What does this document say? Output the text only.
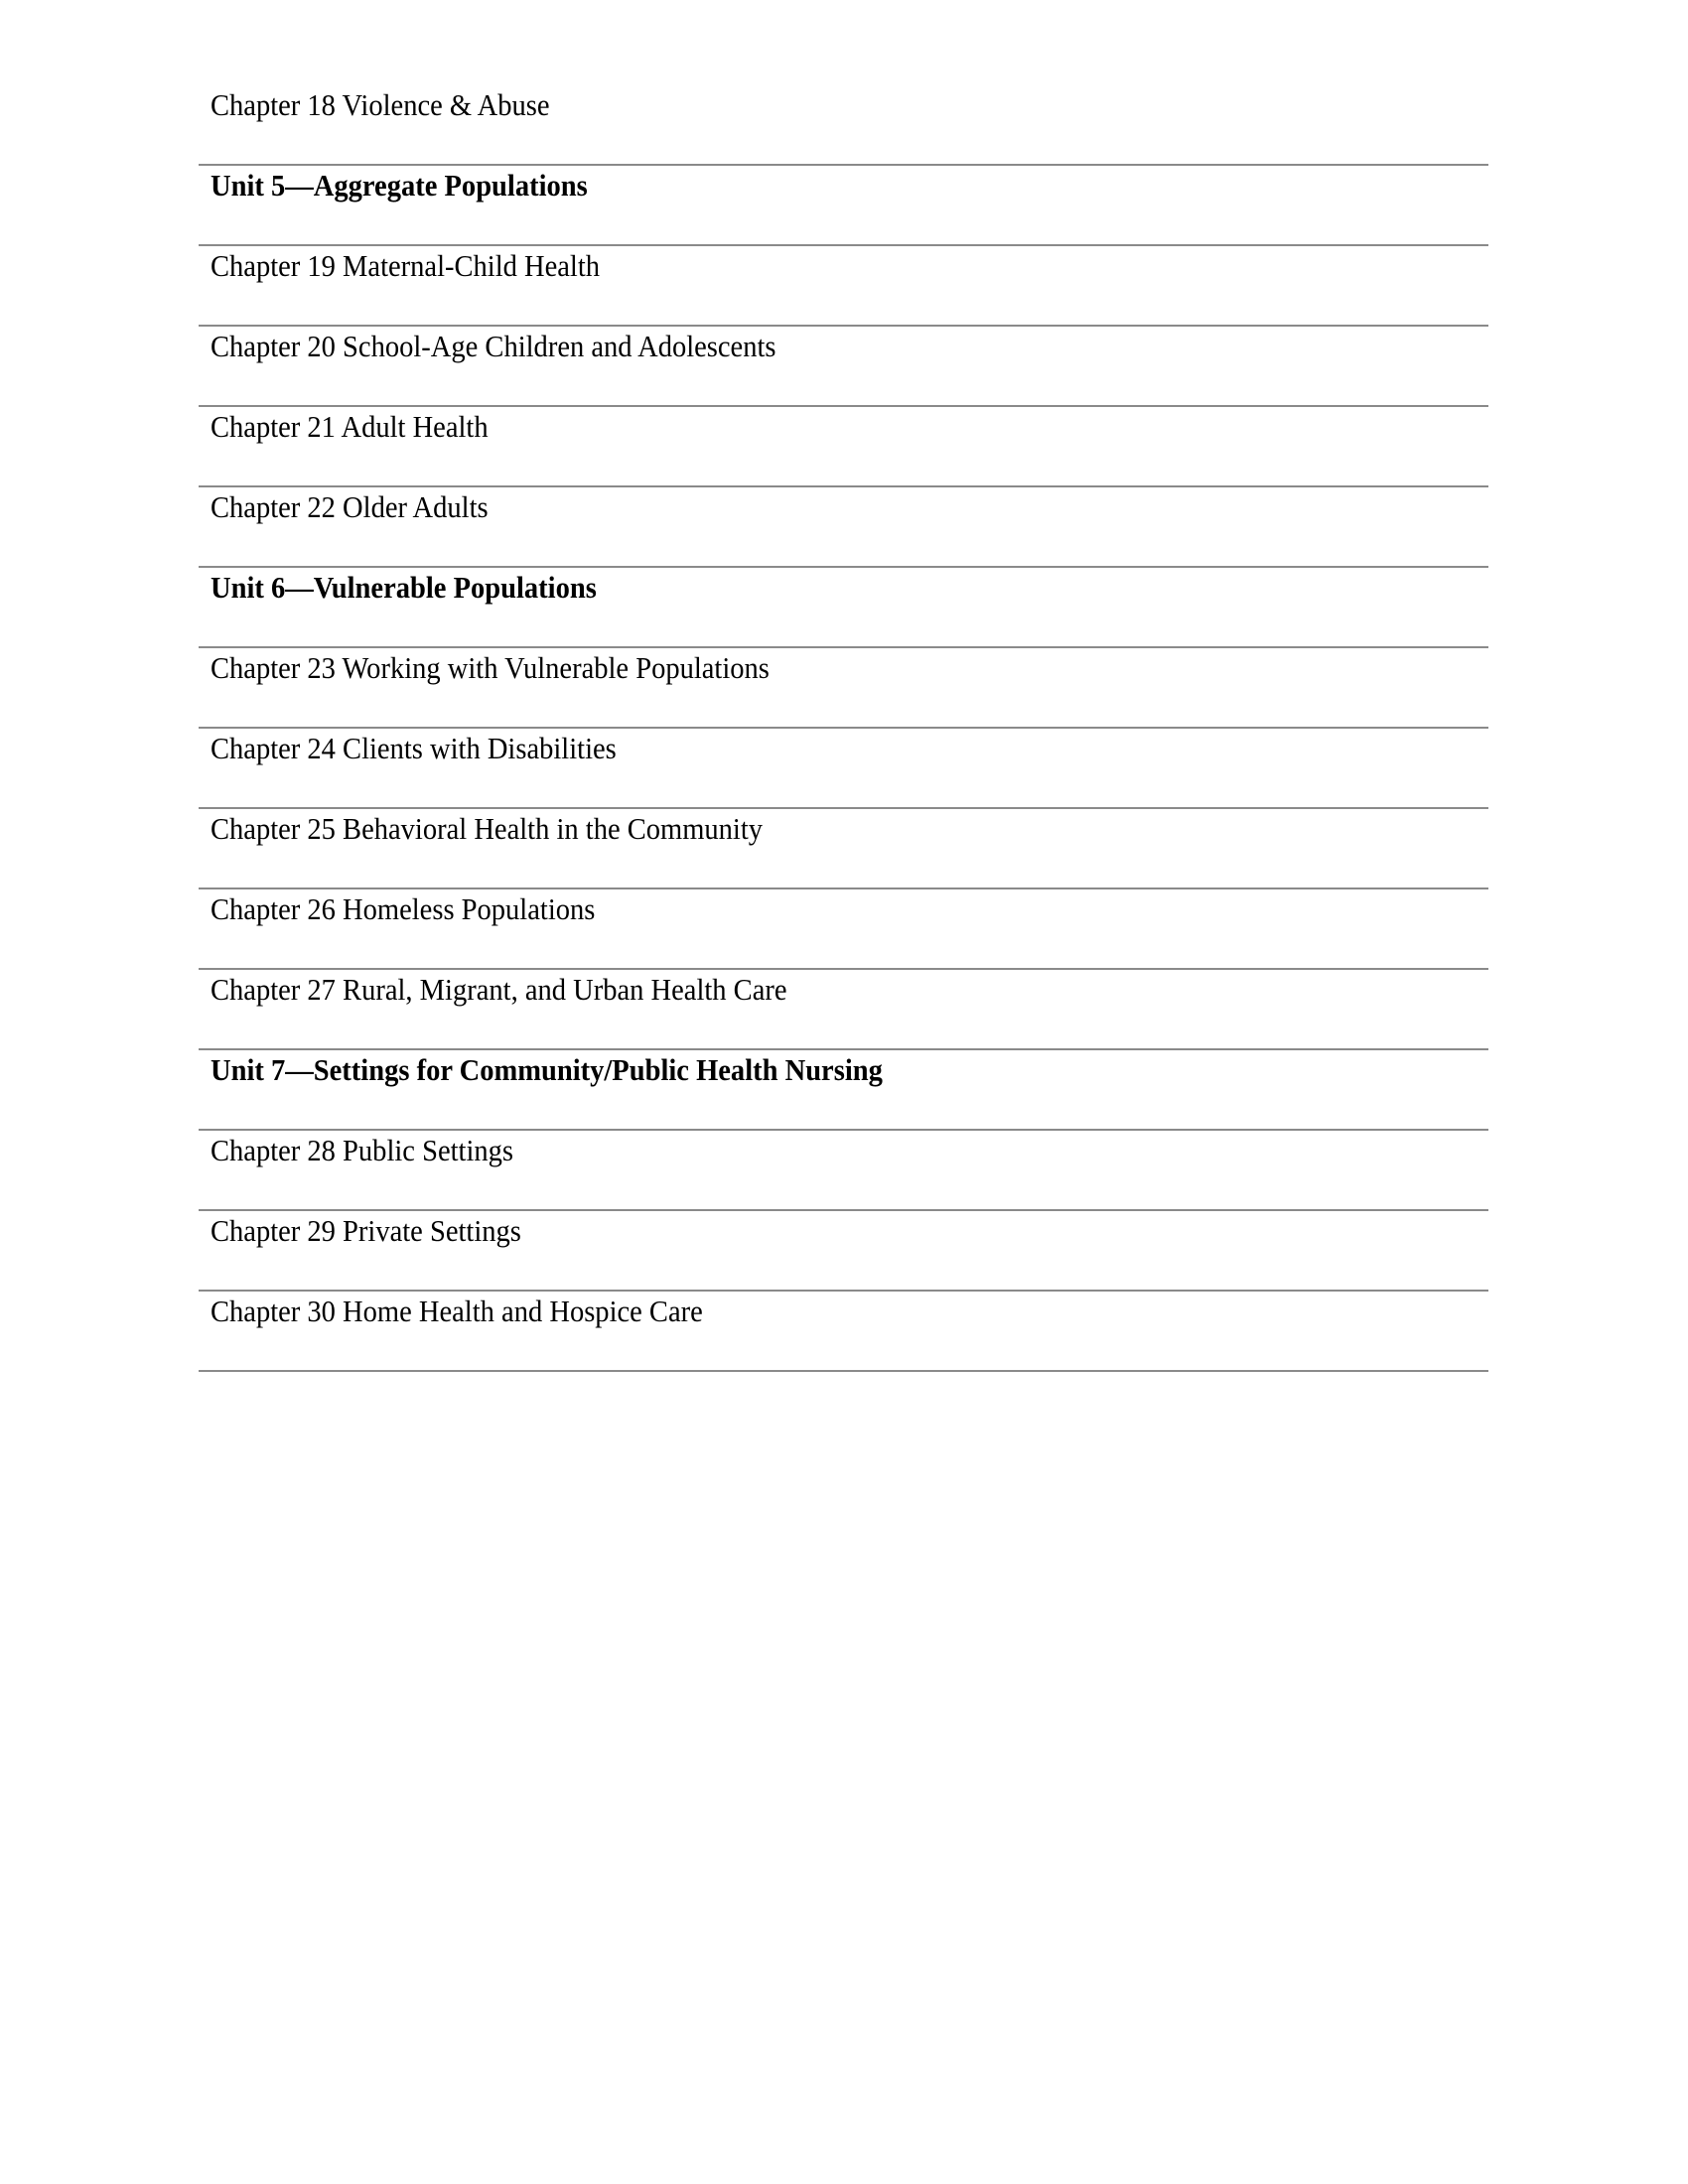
Chapter 18 Violence & Abuse
Unit 5—Aggregate Populations
Chapter 19 Maternal-Child Health
Chapter 20 School-Age Children and Adolescents
Chapter 21 Adult Health
Chapter 22 Older Adults
Unit 6—Vulnerable Populations
Chapter 23 Working with Vulnerable Populations
Chapter 24 Clients with Disabilities
Chapter 25 Behavioral Health in the Community
Chapter 26 Homeless Populations
Chapter 27 Rural, Migrant, and Urban Health Care
Unit 7—Settings for Community/Public Health Nursing
Chapter 28 Public Settings
Chapter 29 Private Settings
Chapter 30 Home Health and Hospice Care
